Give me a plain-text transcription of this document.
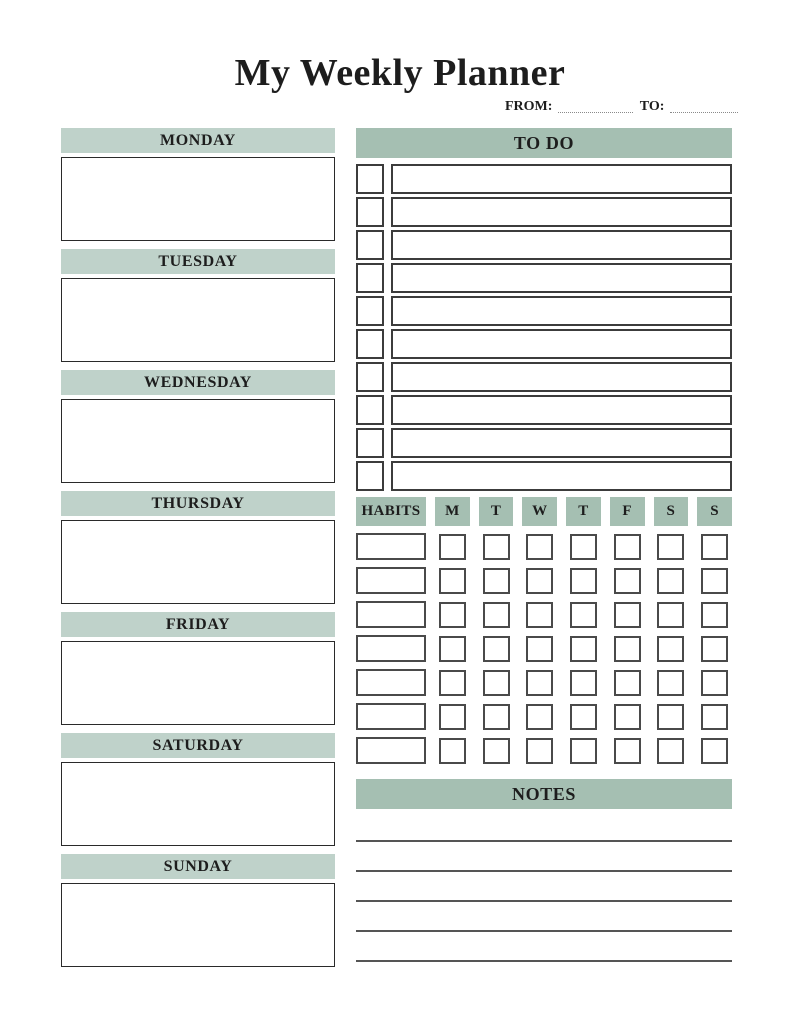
My Weekly Planner
FROM:	TO:
MONDAY
TUESDAY
WEDNESDAY
THURSDAY
FRIDAY
SATURDAY
SUNDAY
TO DO
HABITS M T W T F S S
NOTES
